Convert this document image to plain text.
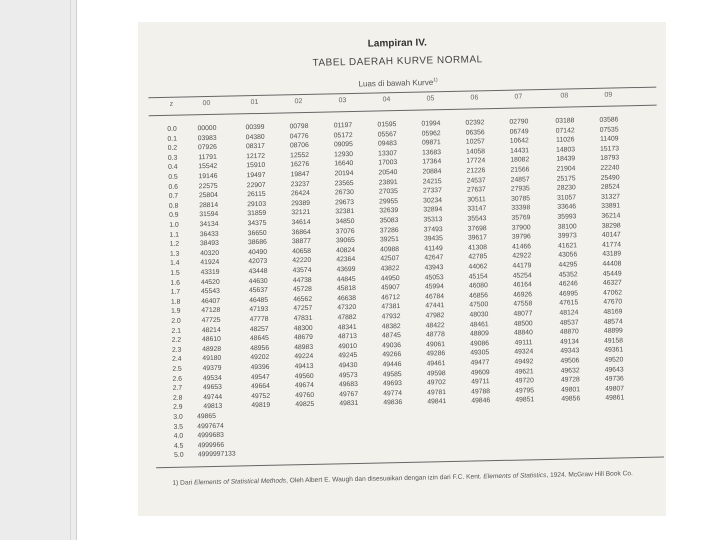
Lampiran IV.
TABEL DAERAH KURVE NORMAL
Luas di bawah Kurve$^{1)}$
z	00	01	02	03	04	05	06	07	08	09
0.0	00000	00399	00798	01197	01595	01994	02392	02790	03188	03586
0.1	03983	04380	04776	05172	05567	05962	06356	06749	07142	07535
0.2	07926	08317	08706	09095	09483	09871	10257	10642	11026	11409
0.3	11791	12172	12552	12930	13307	13683	14058	14431	14803	15173
0.4	15542	15910	16276	16640	17003	17364	17724	18082	18439	18793
0.5	19146	19497	19847	20194	20540	20884	21226	21566	21904	22240
0.6	22575	22907	23237	23565	23891	24215	24537	24857	25175	25490
0.7	25804	26115	26424	26730	27035	27337	27637	27935	28230	28524
0.8	28814	29103	29389	29673	29955	30234	30511	30785	31057	31327
0.9	31594	31859	32121	32381	32639	32894	33147	33398	33646	33891
1.0	34134	34375	34614	34850	35083	35313	35543	35769	35993	36214
1.1	36433	36650	36864	37076	37286	37493	37698	37900	38100	38298
1.2	38493	38686	38877	39065	39251	39435	39617	39796	39973	40147
1.3	40320	40490	40658	40824	40988	41149	41308	41466	41621	41774
1.4	41924	42073	42220	42364	42507	42647	42785	42922	43056	43189
1.5	43319	43448	43574	43699	43822	43943	44062	44179	44295	44408
1.6	44520	44630	44738	44845	44950	45053	45154	45254	45352	45449
1.7	45543	45637	45728	45818	45907	45994	46080	46164	46246	46327
1.8	46407	46485	46562	46638	46712	46784	46856	46926	46995	47062
1.9	47128	47193	47257	47320	47381	47441	47500	47558	47615	47670
2.0	47725	47778	47831	47882	47932	47982	48030	48077	48124	48169
2.1	48214	48257	48300	48341	48382	48422	48461	48500	48537	48574
2.2	48610	48645	48679	48713	48745	48778	48809	48840	48870	48899
2.3	48928	48956	48983	49010	49036	49061	49086	49111	49134	49158
2.4	49180	49202	49224	49245	49266	49286	49305	49324	49343	49361
2.5	49379	49396	49413	49430	49446	49461	49477	49492	49506	49520
2.6	49534	49547	49560	49573	49585	49598	49609	49621	49632	49643
2.7	49653	49664	49674	49683	49693	49702	49711	49720	49728	49736
2.8	49744	49752	49760	49767	49774	49781	49788	49795	49801	49807
2.9	49813	49819	49825	49831	49836	49841	49846	49851	49856	49861
3.0	49865
3.5	4997674
4.0	4999683
4.5	4999966
5.0	4999997133
1) Dari Elements of Statistical Methods, Oleh Albert E. Waugh dan disesuaikan dengan izin dari F.C. Kent. Elements of Statistics, 1924. McGraw Hill Book Co.
